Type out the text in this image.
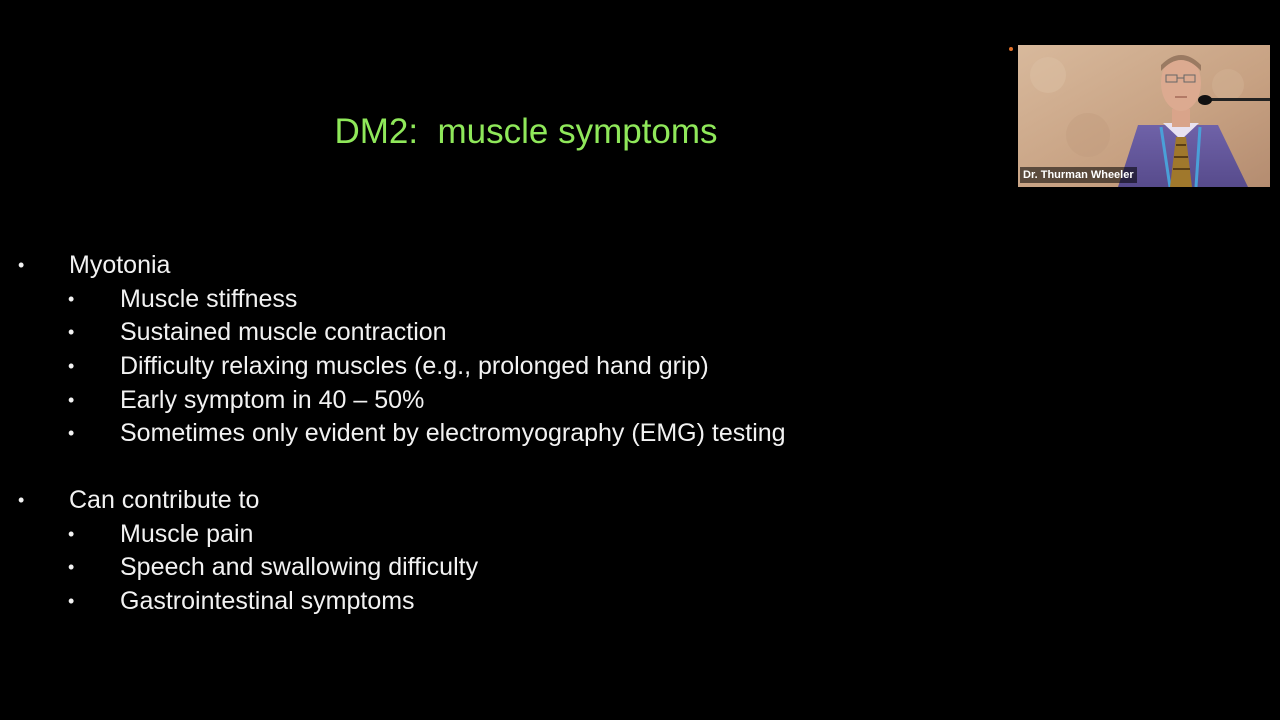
DM2:  muscle symptoms
• Myotonia
• Muscle stiffness
• Sustained muscle contraction
• Difficulty relaxing muscles (e.g., prolonged hand grip)
• Early symptom in 40 – 50%
• Sometimes only evident by electromyography (EMG) testing
• Can contribute to
• Muscle pain
• Speech and swallowing difficulty
• Gastrointestinal symptoms
Dr. Thurman Wheeler
